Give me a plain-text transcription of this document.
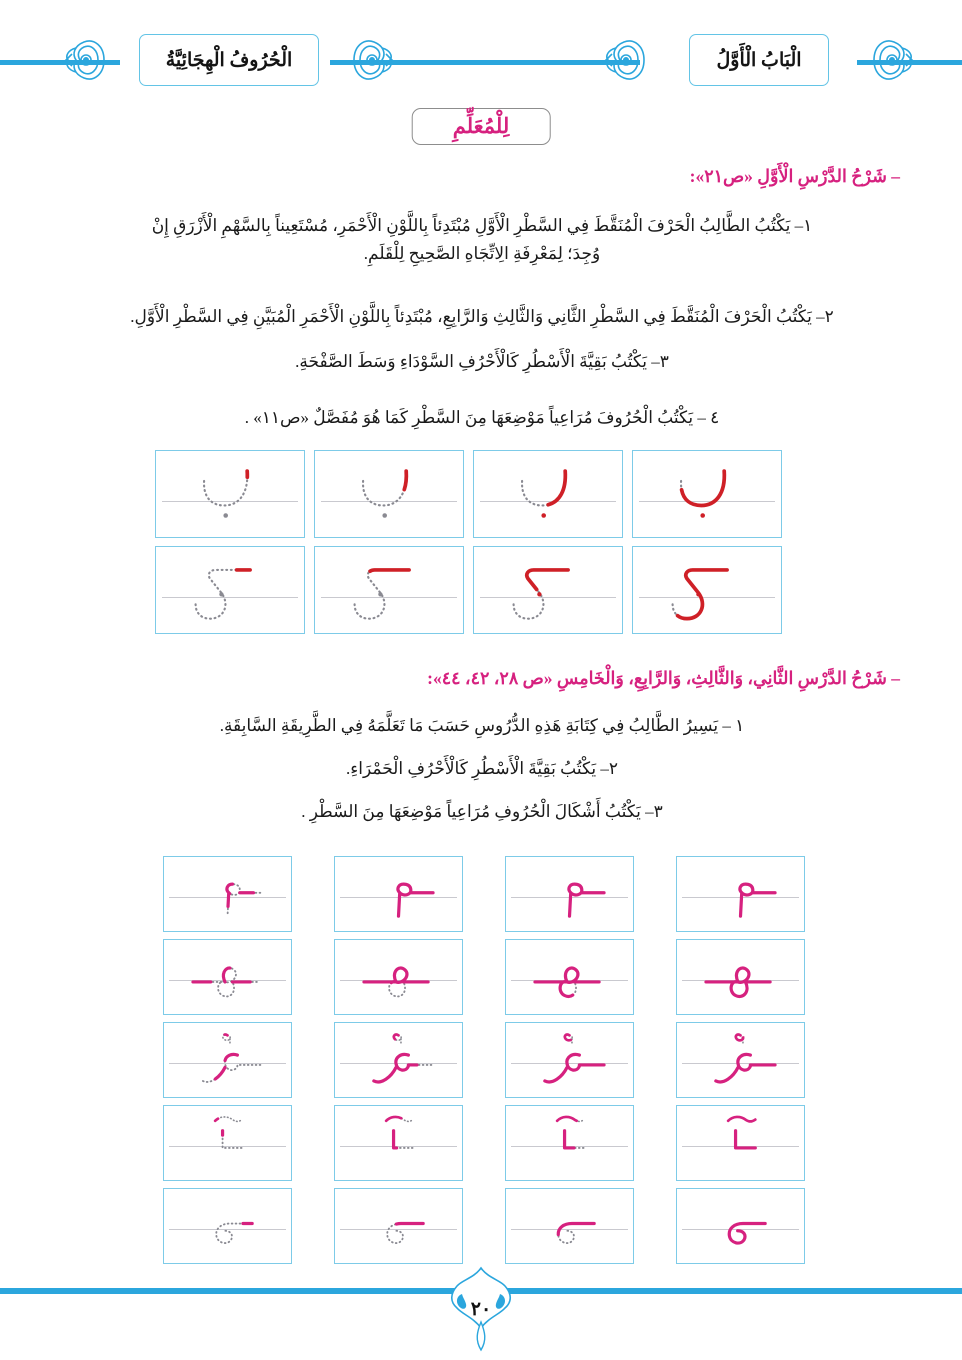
الْحُرُوفُ الْهِجَائِيَّةُ	الْبَابُ الْأَوَّلُ
لِلْمُعَلِّمِ
– شَرْحُ الدَّرْسِ الْأَوَّلِ «ص٢١»:
١– يَكْتُبُ الطَّالِبُ الْحَرْفَ الْمُنَقَّطَ فِي السَّطْرِ الْأَوَّلِ مُبْتَدِئاً بِاللَّوْنِ الْأَحْمَرِ، مُسْتَعِيناً بِالسَّهْمِ الْأَزْرَقِ إِنْ
وُجِدَ؛ لِمَعْرِفَةِ الِاتِّجَاهِ الصَّحِيحِ لِلْقَلَمِ.
٢– يَكْتُبُ الْحَرْفَ الْمُنَقَّطَ فِي السَّطْرِ الثَّانِي وَالثَّالِثِ وَالرَّابِعِ، مُبْتَدِئاً بِاللَّوْنِ الْأَحْمَرِ الْمُبَيَّنِ فِي السَّطْرِ الْأَوَّلِ.
٣– يَكْتُبُ بَقِيَّةَ الْأَسْطُرِ كَالْأَحْرُفِ السَّوْدَاءِ وَسَطَ الصَّفْحَةِ.
٤ – يَكْتُبُ الْحُرُوفَ مُرَاعِياً مَوْضِعَهَا مِنَ السَّطْرِ كَمَا هُوَ مُفَصَّلٌ «ص١١» .
– شَرْحُ الدَّرْسِ الثَّانِي، وَالثَّالِثِ، وَالرَّابِعِ، وَالْخَامِسِ «ص ٢٨، ٤٢، ٤٤»:
١ – يَسِيرُ الطَّالِبُ فِي كِتَابَةِ هَذِهِ الدُّرُوسِ حَسَبَ مَا تَعَلَّمَهُ فِي الطَّرِيقَةِ السَّابِقَةِ.
٢– يَكْتُبُ بَقِيَّةَ الْأَسْطُرِ كَالْأَحْرُفِ الْحَمْرَاءِ.
٣– يَكْتُبُ أَشْكَالَ الْحُرُوفِ مُرَاعِياً مَوْضِعَهَا مِنَ السَّطْرِ .
٢٠
